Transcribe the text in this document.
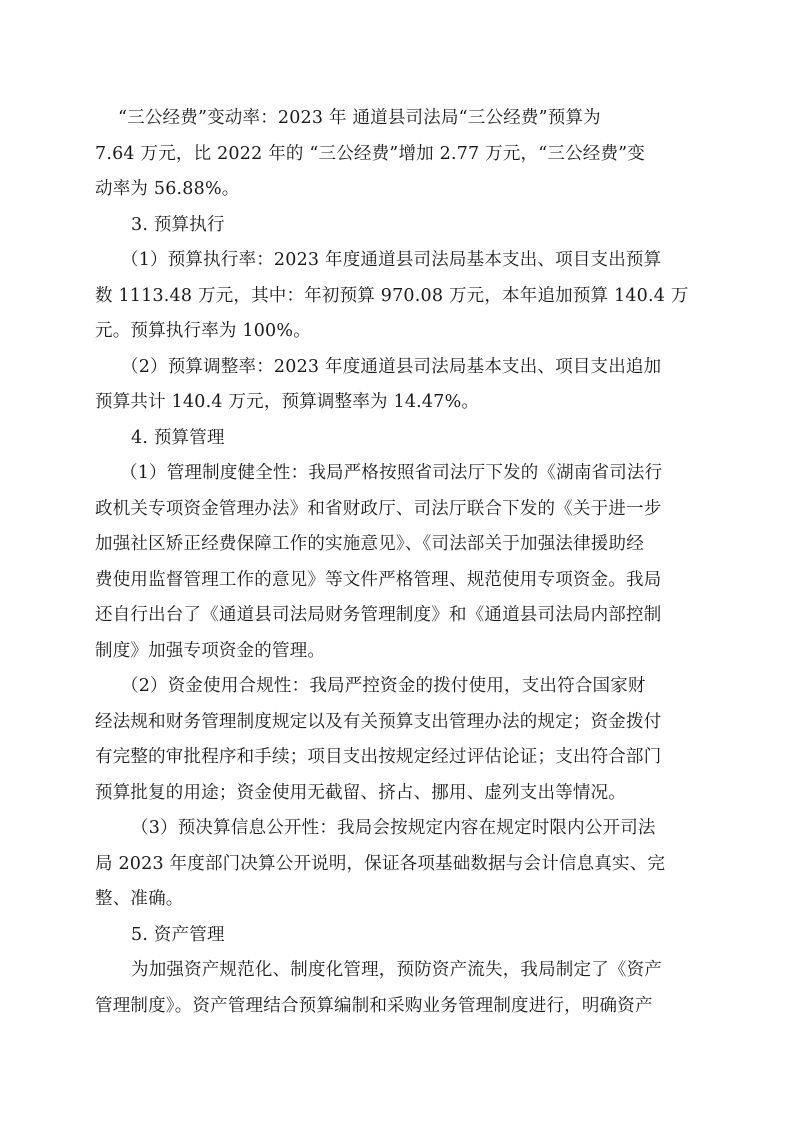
“三公经费”变动率：2023 年 通道县司法局“三公经费”预算为
7.64 万元，比 2022 年的 “三公经费”增加 2.77 万元，“三公经费”变
动率为 56.88%。
3. 预算执行
（1）预算执行率：2023 年度通道县司法局基本支出、项目支出预算
数 1113.48 万元，其中：年初预算 970.08 万元，本年追加预算 140.4 万
元。预算执行率为 100%。
（2）预算调整率：2023 年度通道县司法局基本支出、项目支出追加
预算共计 140.4 万元，预算调整率为 14.47%。
4. 预算管理
（1）管理制度健全性：我局严格按照省司法厅下发的《湖南省司法行
政机关专项资金管理办法》和省财政厅、司法厅联合下发的《关于进一步
加强社区矫正经费保障工作的实施意见》、《司法部关于加强法律援助经
费使用监督管理工作的意见》等文件严格管理、规范使用专项资金。我局
还自行出台了《通道县司法局财务管理制度》和《通道县司法局内部控制
制度》加强专项资金的管理。
（2）资金使用合规性：我局严控资金的拨付使用，支出符合国家财
经法规和财务管理制度规定以及有关预算支出管理办法的规定；资金拨付
有完整的审批程序和手续；项目支出按规定经过评估论证；支出符合部门
预算批复的用途；资金使用无截留、挤占、挪用、虚列支出等情况。
（3）预决算信息公开性：我局会按规定内容在规定时限内公开司法
局 2023 年度部门决算公开说明，保证各项基础数据与会计信息真实、完
整、准确。
5. 资产管理
为加强资产规范化、制度化管理，预防资产流失，我局制定了《资产
管理制度》。资产管理结合预算编制和采购业务管理制度进行，明确资产
